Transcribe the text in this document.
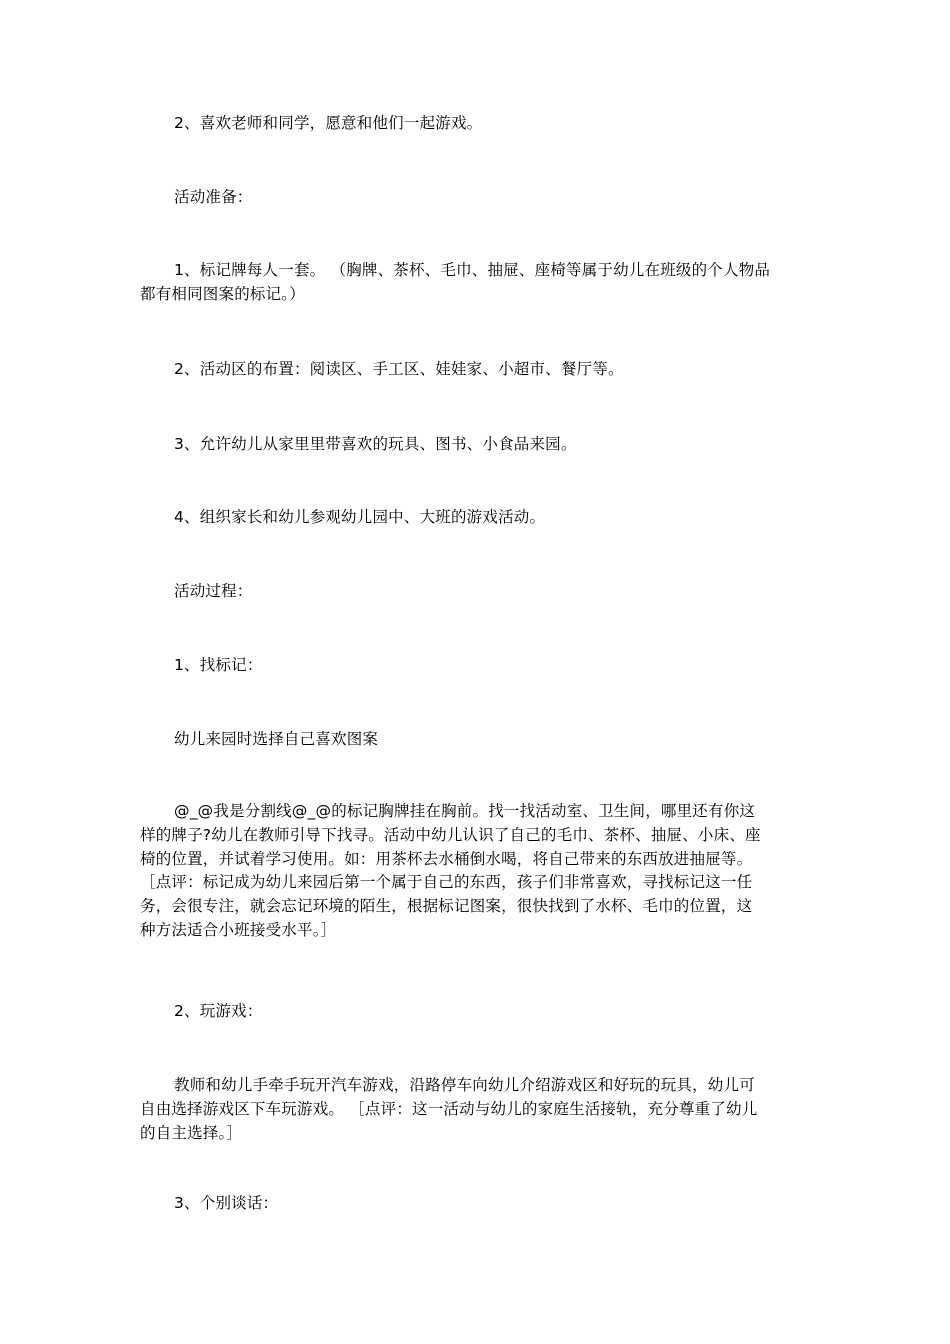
2、喜欢老师和同学，愿意和他们一起游戏。
活动准备：
1、标记牌每人一套。 （胸牌、茶杯、毛巾、抽屉、座椅等属于幼儿在班级的个人物品
都有相同图案的标记。）
2、活动区的布置：阅读区、手工区、娃娃家、小超市、餐厅等。
3、允许幼儿从家里里带喜欢的玩具、图书、小食品来园。
4、组织家长和幼儿参观幼儿园中、大班的游戏活动。
活动过程：
1、找标记：
幼儿来园时选择自己喜欢图案
@_@我是分割线@_@的标记胸牌挂在胸前。找一找活动室、卫生间，哪里还有你这
样的牌子?幼儿在教师引导下找寻。活动中幼儿认识了自己的毛巾、茶杯、抽屉、小床、座
椅的位置，并试着学习使用。如：用茶杯去水桶倒水喝，将自己带来的东西放进抽屉等。
［点评：标记成为幼儿来园后第一个属于自己的东西，孩子们非常喜欢，寻找标记这一任
务，会很专注，就会忘记环境的陌生，根据标记图案，很快找到了水杯、毛巾的位置，这
种方法适合小班接受水平。］
2、玩游戏：
教师和幼儿手牵手玩开汽车游戏，沿路停车向幼儿介绍游戏区和好玩的玩具，幼儿可
自由选择游戏区下车玩游戏。 ［点评：这一活动与幼儿的家庭生活接轨，充分尊重了幼儿
的自主选择。］
3、个别谈话：
